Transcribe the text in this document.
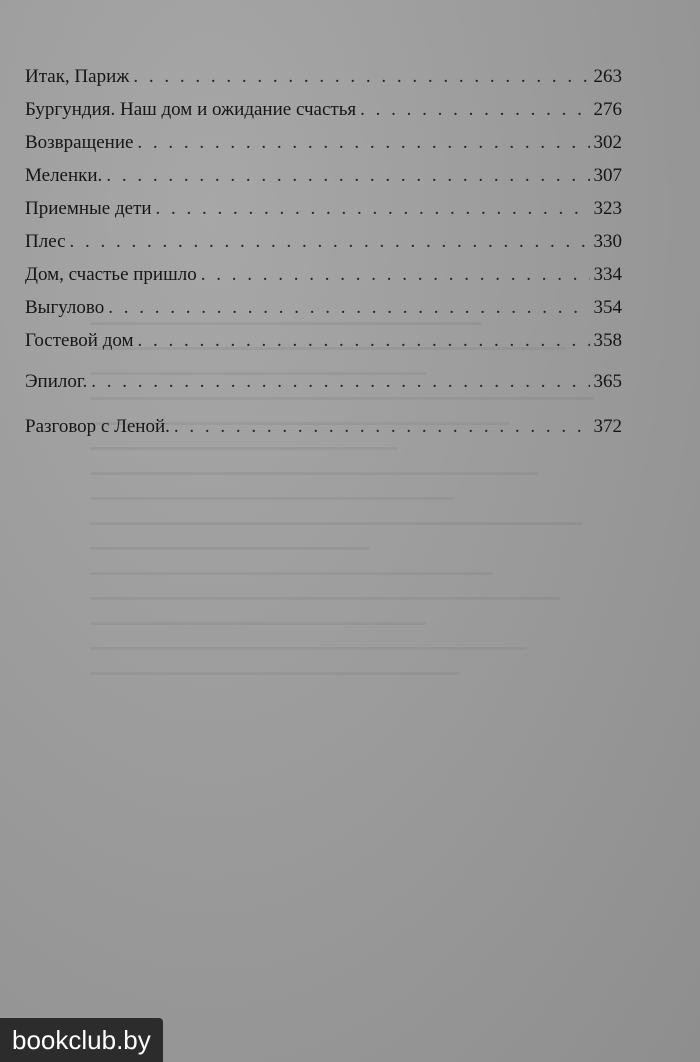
Итак, Париж . . .	263
Бургундия. Наш дом и ожидание счастья . . .	276
Возвращение . . .	302
Меленки. . . .	307
Приемные дети . . .	323
Плес . . .	330
Дом, счастье пришло . . .	334
Выгулово . . .	354
Гостевой дом . . .	358
Эпилог. . . .	365
Разговор с Леной. . . .	372
bookclub.by
